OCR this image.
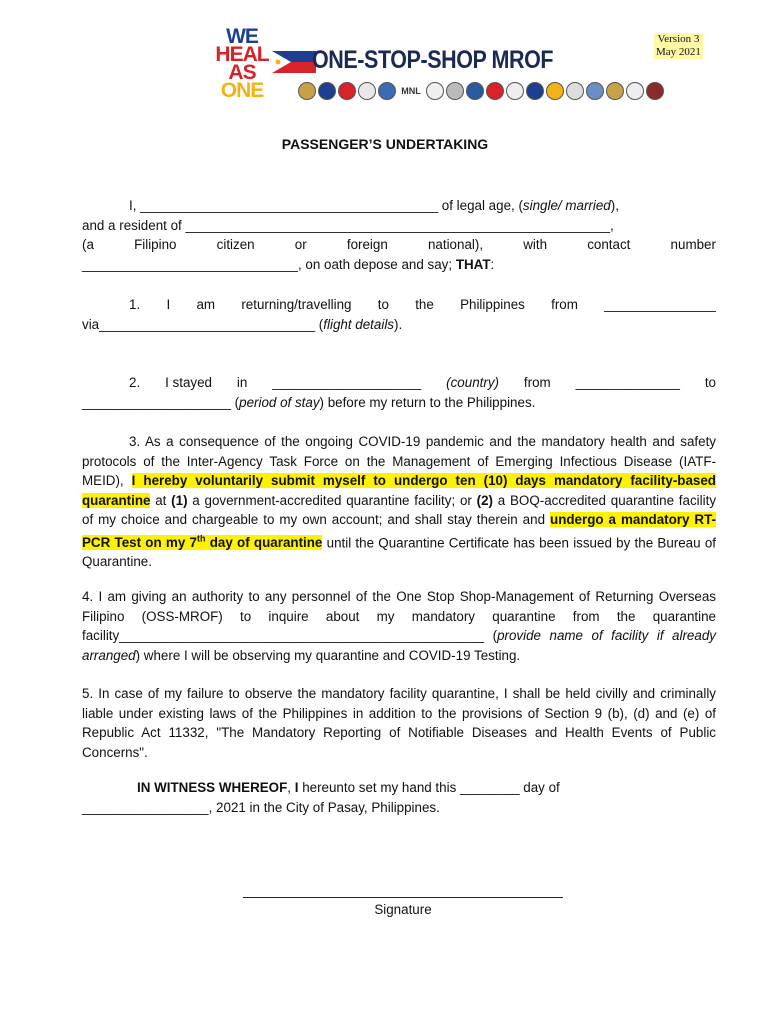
WE
HEAL
AS
ONE
ONE-STOP-SHOP MROF
MNL
Version 3
May 2021
PASSENGER’S UNDERTAKING
I, ________________________________________ of legal age, (single/ married),
and a resident of _________________________________________________________,
(a	Filipino	citizen	or	foreign	national),	with	contact	number
_____________________________, on oath depose and say; THAT:
1. I am returning/travelling to the Philippines from _______________
via_____________________________ (flight details).
2. I stayed in ____________________ (country) from ______________ to
____________________ (period of stay) before my return to the Philippines.
3. As a consequence of the ongoing COVID-19 pandemic and the mandatory health and safety protocols of the Inter-Agency Task Force on the Management of Emerging Infectious Disease (IATF-MEID), I hereby voluntarily submit myself to undergo ten (10) days mandatory facility-based quarantine at (1) a government-accredited quarantine facility; or (2) a BOQ-accredited quarantine facility of my choice and chargeable to my own account; and shall stay therein and undergo a mandatory RT-PCR Test on my 7th day of quarantine until the Quarantine Certificate has been issued by the Bureau of Quarantine.
4. I am giving an authority to any personnel of the One Stop Shop-Management of Returning Overseas Filipino (OSS-MROF) to inquire about my mandatory quarantine from the quarantine facility_________________________________________________ (provide name of facility if already arranged) where I will be observing my quarantine and COVID-19 Testing.
5. In case of my failure to observe the mandatory facility quarantine, I shall be held civilly and criminally liable under existing laws of the Philippines in addition to the provisions of Section 9 (b), (d) and (e) of Republic Act 11332, "The Mandatory Reporting of Notifiable Diseases and Health Events of Public Concerns".
IN WITNESS WHEREOF, I hereunto set my hand this ________ day of
_________________, 2021 in the City of Pasay, Philippines.
Signature
